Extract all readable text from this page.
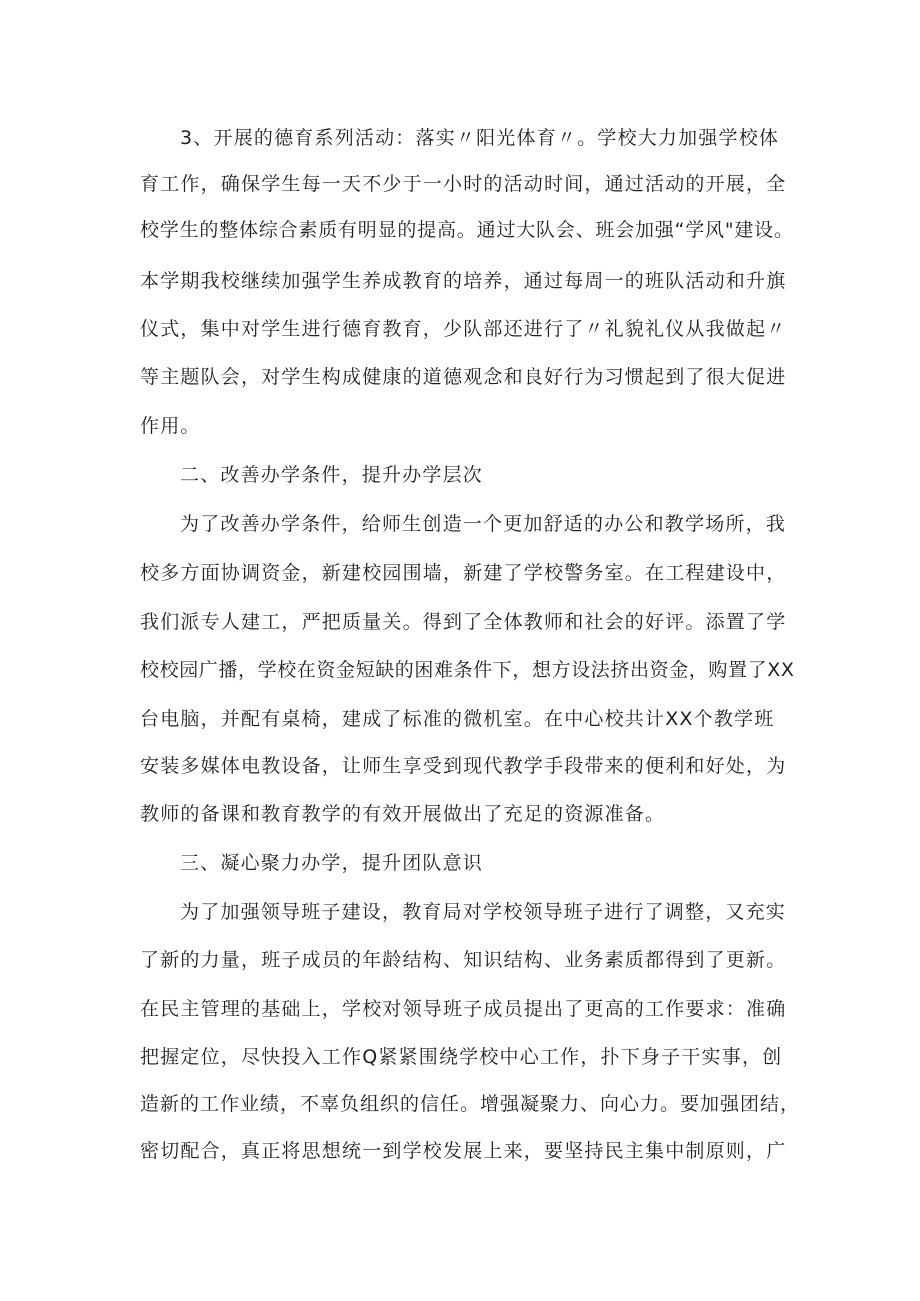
3、开展的德育系列活动：落实〃阳光体育〃。学校大力加强学校体
育工作，确保学生每一天不少于一小时的活动时间，通过活动的开展，全
校学生的整体综合素质有明显的提高。通过大队会、班会加强“学风"建设。
本学期我校继续加强学生养成教育的培养，通过每周一的班队活动和升旗
仪式，集中对学生进行德育教育，少队部还进行了〃礼貌礼仪从我做起〃
等主题队会，对学生构成健康的道德观念和良好行为习惯起到了很大促进
作用。
二、改善办学条件，提升办学层次
为了改善办学条件，给师生创造一个更加舒适的办公和教学场所，我
校多方面协调资金，新建校园围墙，新建了学校警务室。在工程建设中，
我们派专人建工，严把质量关。得到了全体教师和社会的好评。添置了学
校校园广播，学校在资金短缺的困难条件下，想方设法挤出资金，购置了XX
台电脑，并配有桌椅，建成了标准的微机室。在中心校共计XX个教学班
安装多媒体电教设备，让师生享受到现代教学手段带来的便利和好处，为
教师的备课和教育教学的有效开展做出了充足的资源准备。
三、凝心聚力办学，提升团队意识
为了加强领导班子建设，教育局对学校领导班子进行了调整，又充实
了新的力量，班子成员的年龄结构、知识结构、业务素质都得到了更新。
在民主管理的基础上，学校对领导班子成员提出了更高的工作要求：准确
把握定位，尽快投入工作Q紧紧围绕学校中心工作，扑下身子干实事，创
造新的工作业绩，不辜负组织的信任。增强凝聚力、向心力。要加强团结，
密切配合，真正将思想统一到学校发展上来，要坚持民主集中制原则，广
